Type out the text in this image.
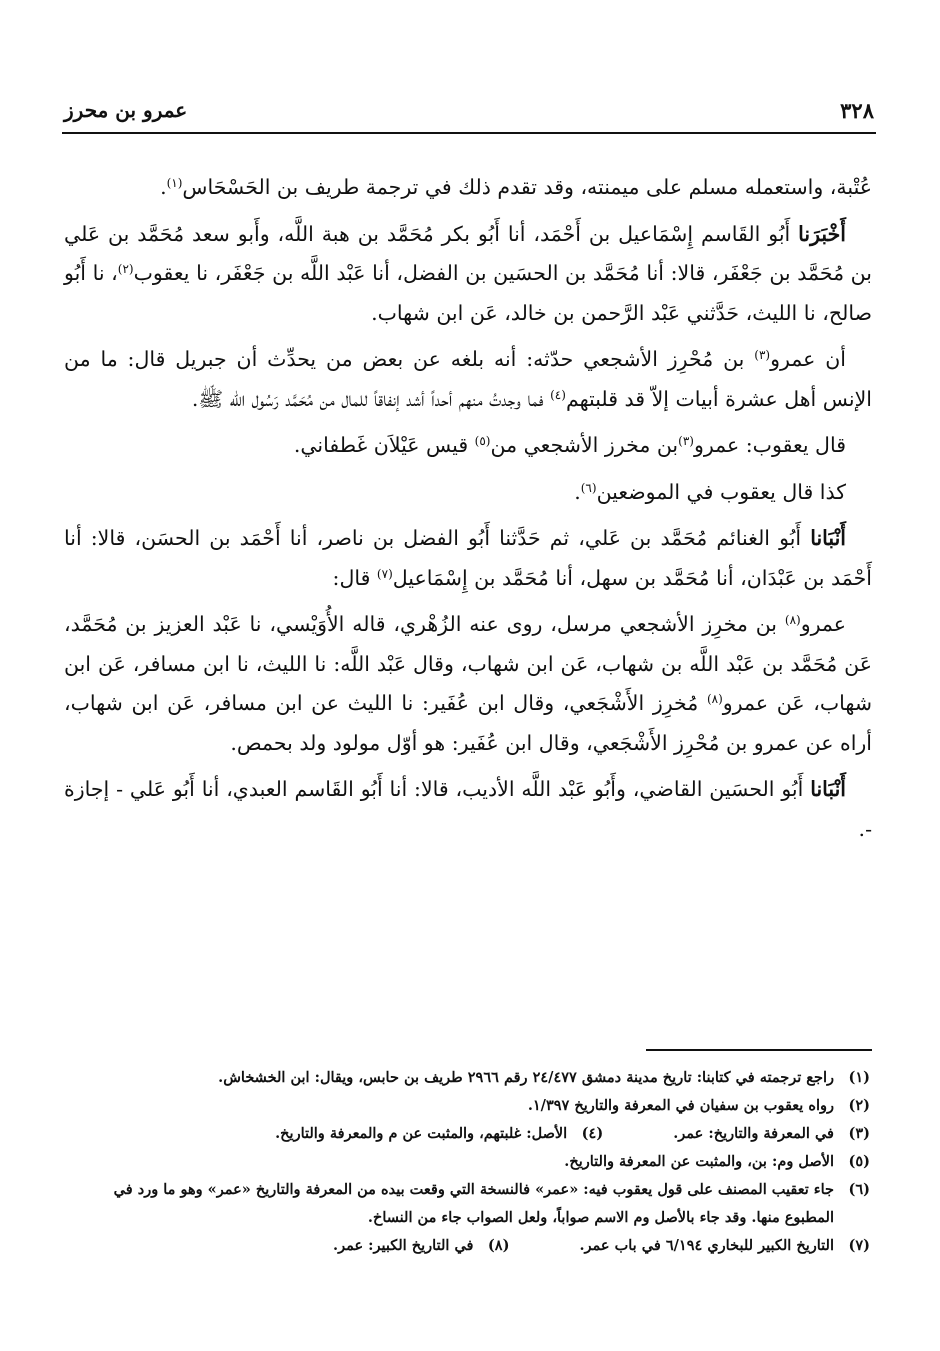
٣٢٨
عمرو بن محرز

عُتْبة، واستعمله مسلم على ميمنته، وقد تقدم ذلك في ترجمة طريف بن الحَسْحَاس$^{(١)}$.

أَخْبَرَنا أَبُو القَاسم إِسْمَاعيل بن أَحْمَد، أنا أَبُو بكر مُحَمَّد بن هبة اللَّه، وأَبو سعد مُحَمَّد بن عَلي بن مُحَمَّد بن جَعْفَر، قالا: أنا مُحَمَّد بن الحسَين بن الفضل، أنا عَبْد اللَّه بن جَعْفَر، نا يعقوب$^{(٢)}$، نا أَبُو صالح، نا الليث، حَدَّثني عَبْد الرَّحمن بن خالد، عَن ابن شهاب.

أن عمرو$^{(٣)}$ بن مُحْرِز الأشجعي حدّثه: أنه بلغه عن بعض من يحدِّث أن جبريل قال: ما من الإنس أهل عشرة أبيات إلاّ قد قلبتهم$^{(٤)}$ فما وجدتُ منهم أحداً أشد إنفاقاً للمال من مُحَمَّد رَسُول الله ﷺ.

قال يعقوب: عمرو$^{(٣)}$بن مخرز الأشجعي من$^{(٥)}$ قيس عَيْلاَن غَطفاني.

كذا قال يعقوب في الموضعين$^{(٦)}$.

أَنْبَانا أَبُو الغنائم مُحَمَّد بن عَلي، ثم حَدَّثنا أَبُو الفضل بن ناصر، أنا أَحْمَد بن الحسَن، قالا: أنا أَحْمَد بن عَبْدَان، أنا مُحَمَّد بن سهل، أنا مُحَمَّد بن إِسْمَاعيل$^{(٧)}$ قال:

عمرو$^{(٨)}$ بن مخرِز الأشجعي مرسل، روى عنه الزُهْري، قاله الأُوَيْسي، نا عَبْد العزيز بن مُحَمَّد، عَن مُحَمَّد بن عَبْد اللَّه بن شهاب، عَن ابن شهاب، وقال عَبْد اللَّه: نا الليث، نا ابن مسافر، عَن ابن شهاب، عَن عمرو$^{(٨)}$ مُخرِز الأَشْجَعي، وقال ابن عُفَير: نا الليث عن ابن مسافر، عَن ابن شهاب، أراه عن عمرو بن مُحْرِز الأَشْجَعي، وقال ابن عُفَير: هو أوّل مولود ولد بحمص.

أَنْبَانا أَبُو الحسَين القاضي، وأَبُو عَبْد اللَّه الأديب، قالا: أنا أَبُو القَاسم العبدي، أنا أَبُو عَلي - إجازة -.

(١)
راجع ترجمته في كتابنا: تاريخ مدينة دمشق ٢٤/٤٧٧ رقم ٢٩٦٦ طريف بن حابس، ويقال: ابن الخشخاش.
(٢)
رواه يعقوب بن سفيان في المعرفة والتاريخ ١/٣٩٧.
(٣)
في المعرفة والتاريخ: عمر.
(٤)
الأصل: غلبتهم، والمثبت عن م والمعرفة والتاريخ.
(٥)
الأصل وم: بن، والمثبت عن المعرفة والتاريخ.
(٦)
جاء تعقيب المصنف على قول يعقوب فيه: «عمر» فالنسخة التي وقعت بيده من المعرفة والتاريخ «عمر» وهو ما ورد في المطبوع منها. وقد جاء بالأصل وم الاسم صواباً، ولعل الصواب جاء من النساخ.
(٧)
التاريخ الكبير للبخاري ٦/١٩٤ في باب عمر.
(٨)
في التاريخ الكبير: عمر.
